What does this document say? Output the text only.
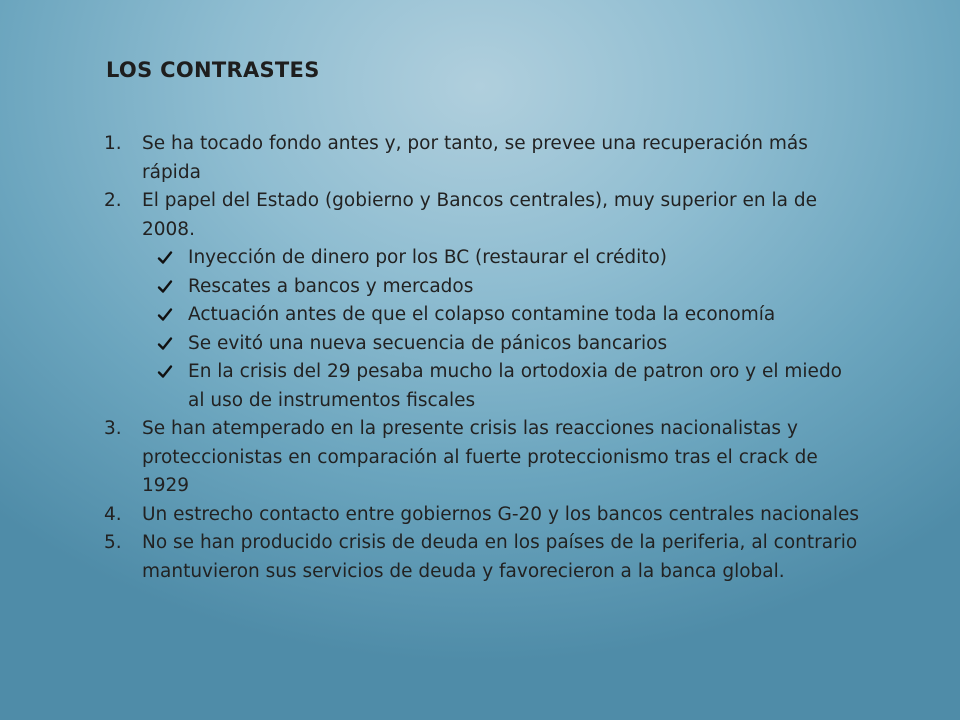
LOS CONTRASTES
1. Se ha tocado fondo antes y, por tanto, se prevee una recuperación más rápida
2. El papel del Estado (gobierno y Bancos centrales), muy superior en la de 2008.
Inyección de dinero por los BC (restaurar el crédito)
Rescates a bancos y mercados
Actuación antes de que el colapso contamine toda la economía
Se evitó una nueva secuencia de pánicos bancarios
En la crisis del 29 pesaba mucho la ortodoxia de patron oro y el miedo al uso de instrumentos fiscales
3. Se han atemperado en la presente crisis las reacciones nacionalistas y proteccionistas en comparación al fuerte proteccionismo tras el crack de 1929
4. Un estrecho contacto entre gobiernos G-20 y los bancos centrales nacionales
5. No se han producido crisis de deuda en los países de la periferia, al contrario mantuvieron sus servicios de deuda y favorecieron a la banca global.
